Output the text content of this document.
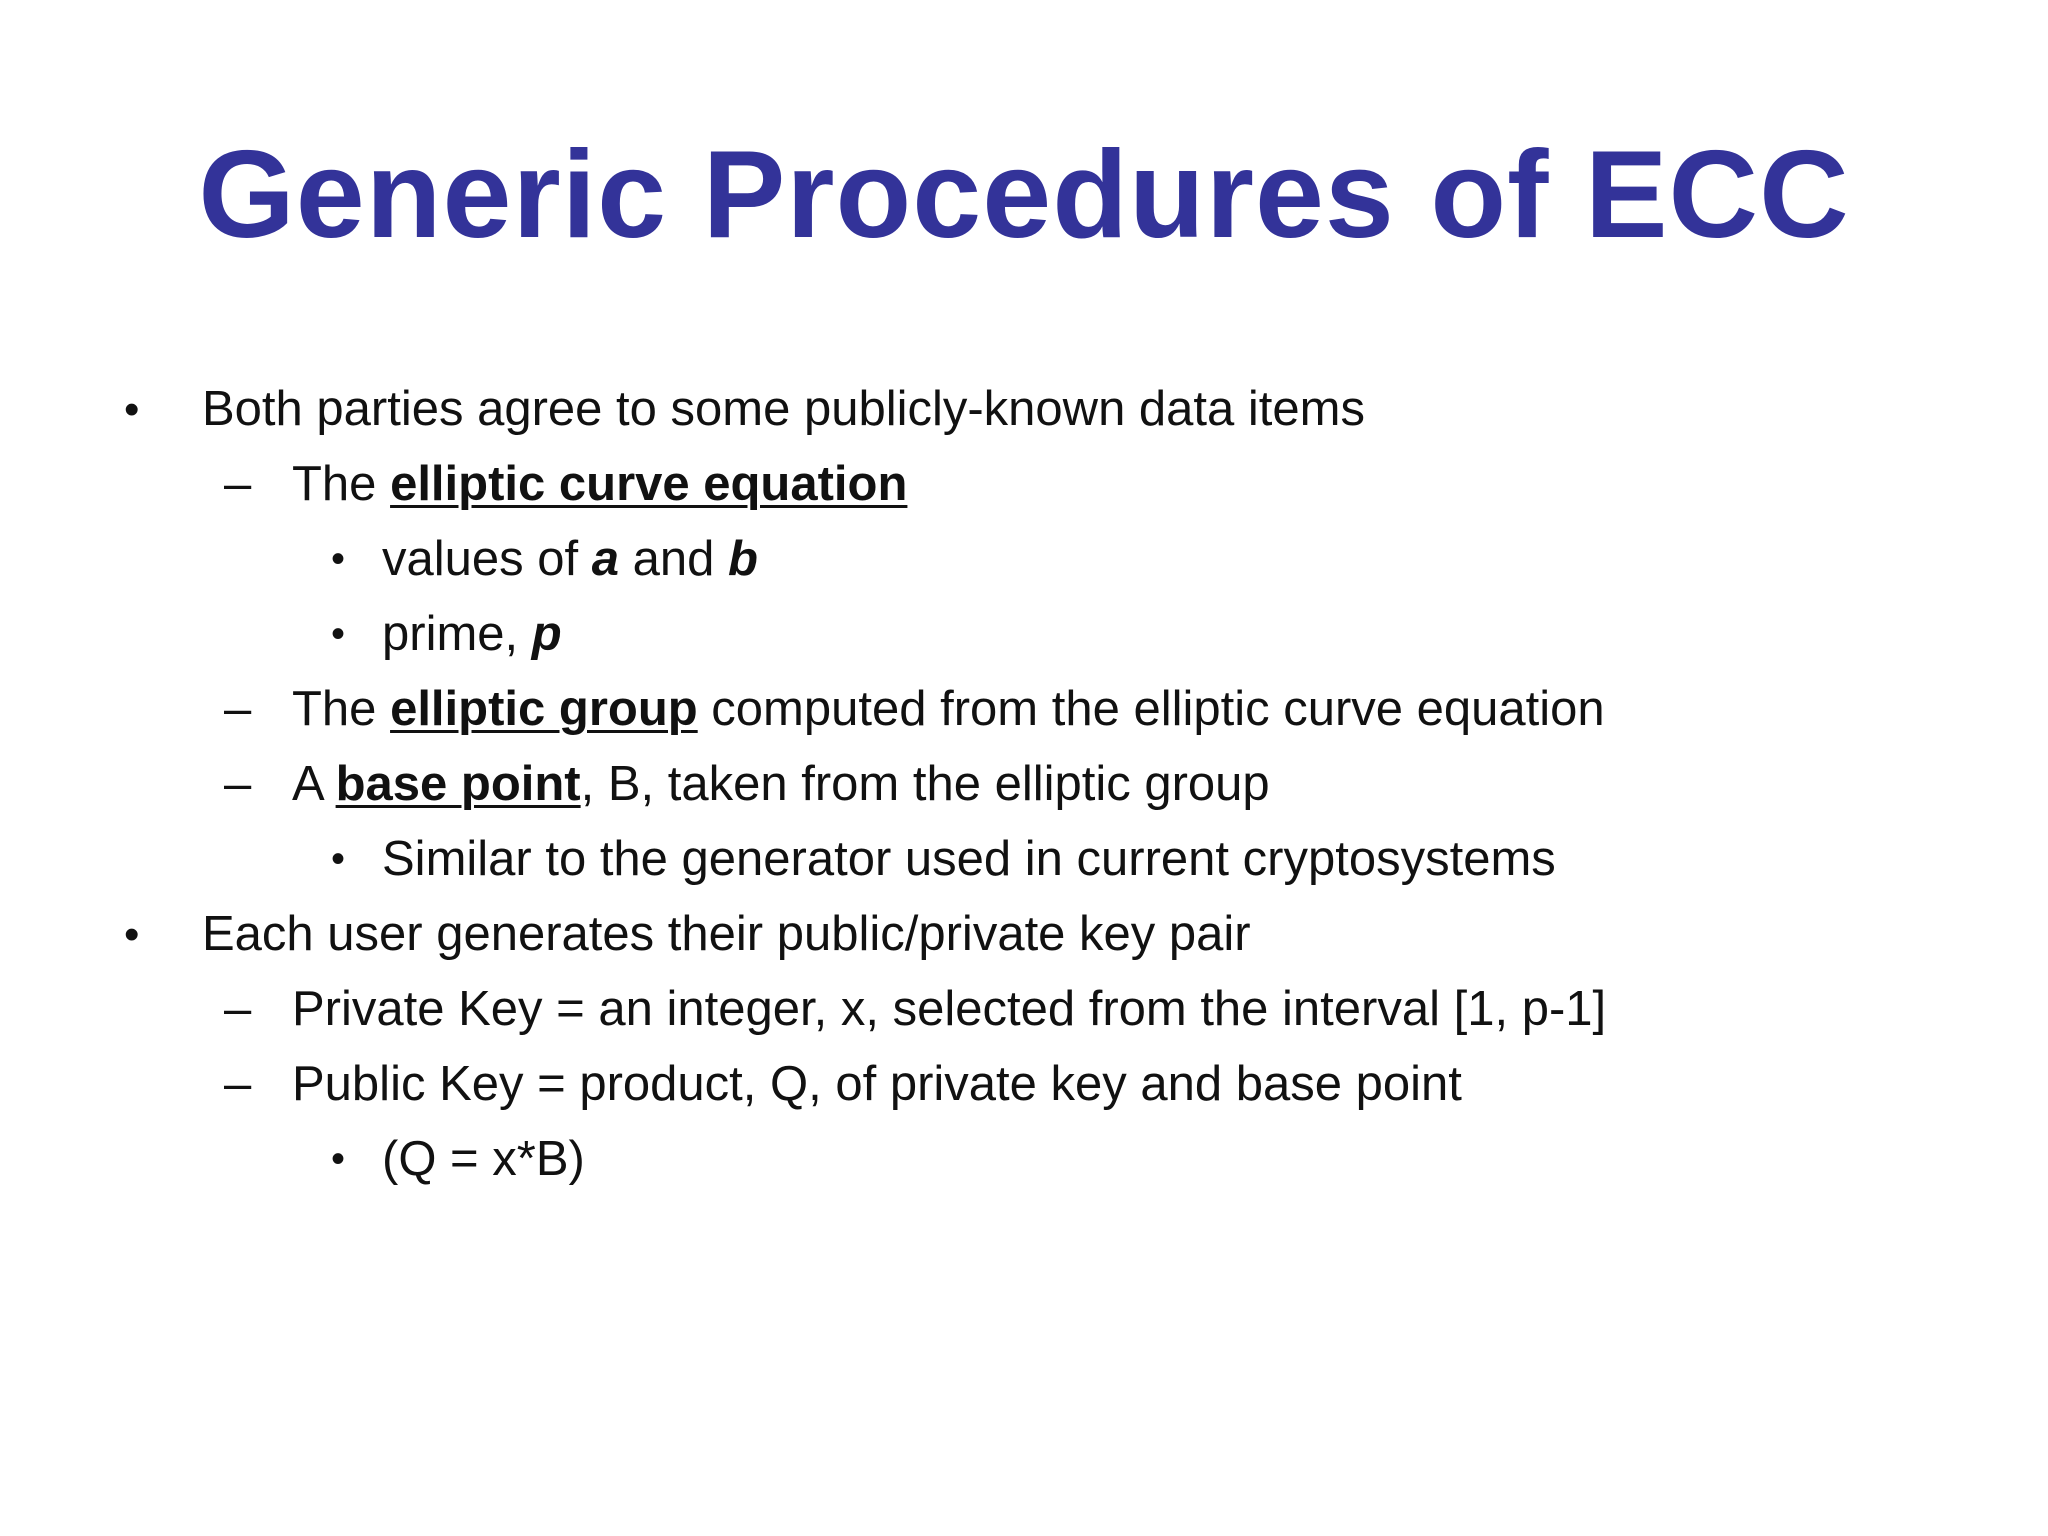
Generic Procedures of ECC
• Both parties agree to some publicly-known data items
– The elliptic curve equation
• values of a and b
• prime, p
– The elliptic group computed from the elliptic curve equation
– A base point, B, taken from the elliptic group
• Similar to the generator used in current cryptosystems
• Each user generates their public/private key pair
– Private Key = an integer, x, selected from the interval [1, p-1]
– Public Key = product, Q, of private key and base point
• (Q = x*B)
